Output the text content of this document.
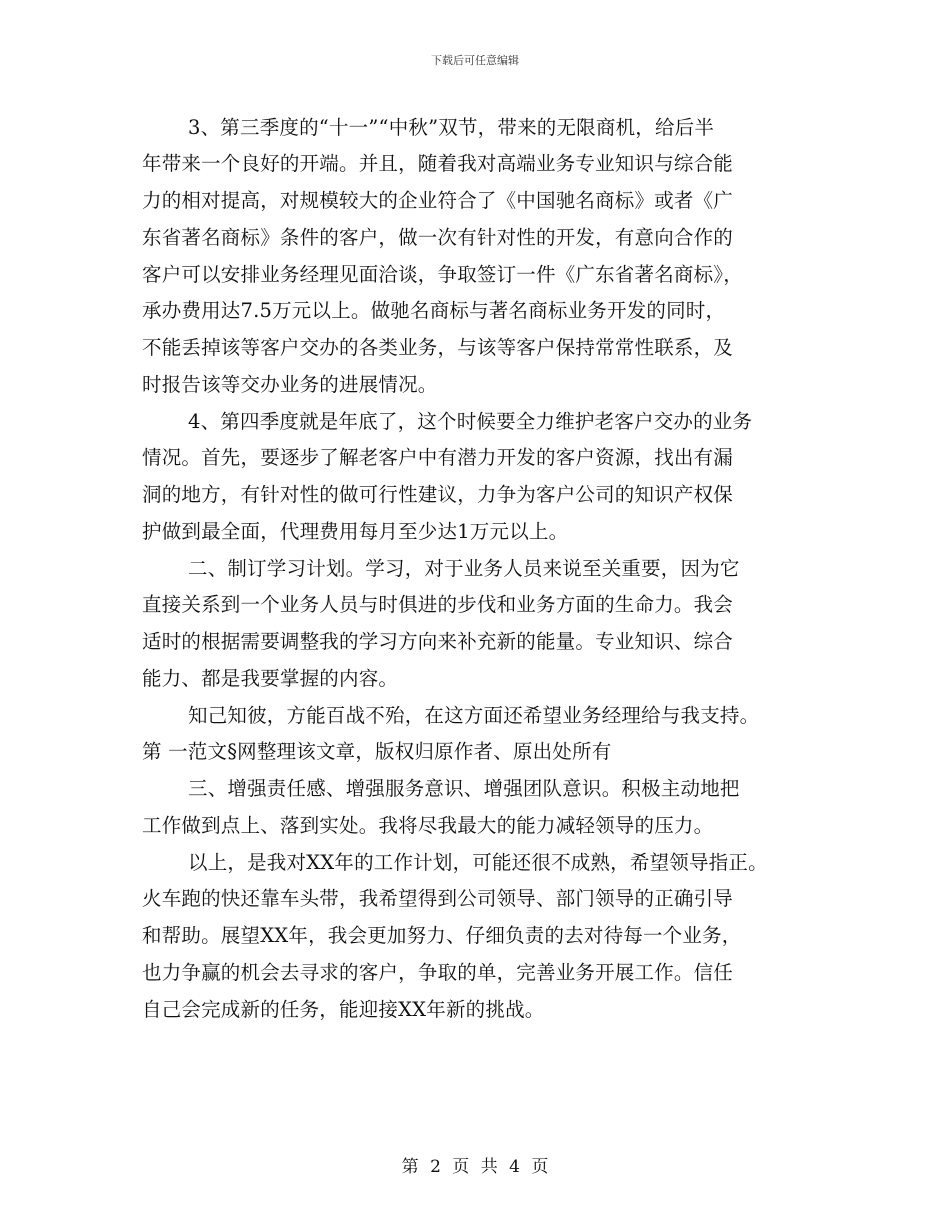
下载后可任意编辑
3、第三季度的“十一”“中秋”双节，带来的无限商机，给后半
年带来一个良好的开端。并且，随着我对高端业务专业知识与综合能
力的相对提高，对规模较大的企业符合了《中国驰名商标》或者《广
东省著名商标》条件的客户，做一次有针对性的开发，有意向合作的
客户可以安排业务经理见面洽谈，争取签订一件《广东省著名商标》，
承办费用达7.5万元以上。做驰名商标与著名商标业务开发的同时，
不能丢掉该等客户交办的各类业务，与该等客户保持常常性联系，及
时报告该等交办业务的进展情况。
4、第四季度就是年底了，这个时候要全力维护老客户交办的业务
情况。首先，要逐步了解老客户中有潜力开发的客户资源，找出有漏
洞的地方，有针对性的做可行性建议，力争为客户公司的知识产权保
护做到最全面，代理费用每月至少达1万元以上。
二、制订学习计划。学习，对于业务人员来说至关重要，因为它
直接关系到一个业务人员与时俱进的步伐和业务方面的生命力。我会
适时的根据需要调整我的学习方向来补充新的能量。专业知识、综合
能力、都是我要掌握的内容。
知己知彼，方能百战不殆，在这方面还希望业务经理给与我支持。
第 一范文§网整理该文章，版权归原作者、原出处所有
三、增强责任感、增强服务意识、增强团队意识。积极主动地把
工作做到点上、落到实处。我将尽我最大的能力减轻领导的压力。
以上，是我对XX年的工作计划，可能还很不成熟，希望领导指正。
火车跑的快还靠车头带，我希望得到公司领导、部门领导的正确引导
和帮助。展望XX年，我会更加努力、仔细负责的去对待每一个业务，
也力争赢的机会去寻求的客户，争取的单，完善业务开展工作。信任
自己会完成新的任务，能迎接XX年新的挑战。
第 2 页 共 4 页
